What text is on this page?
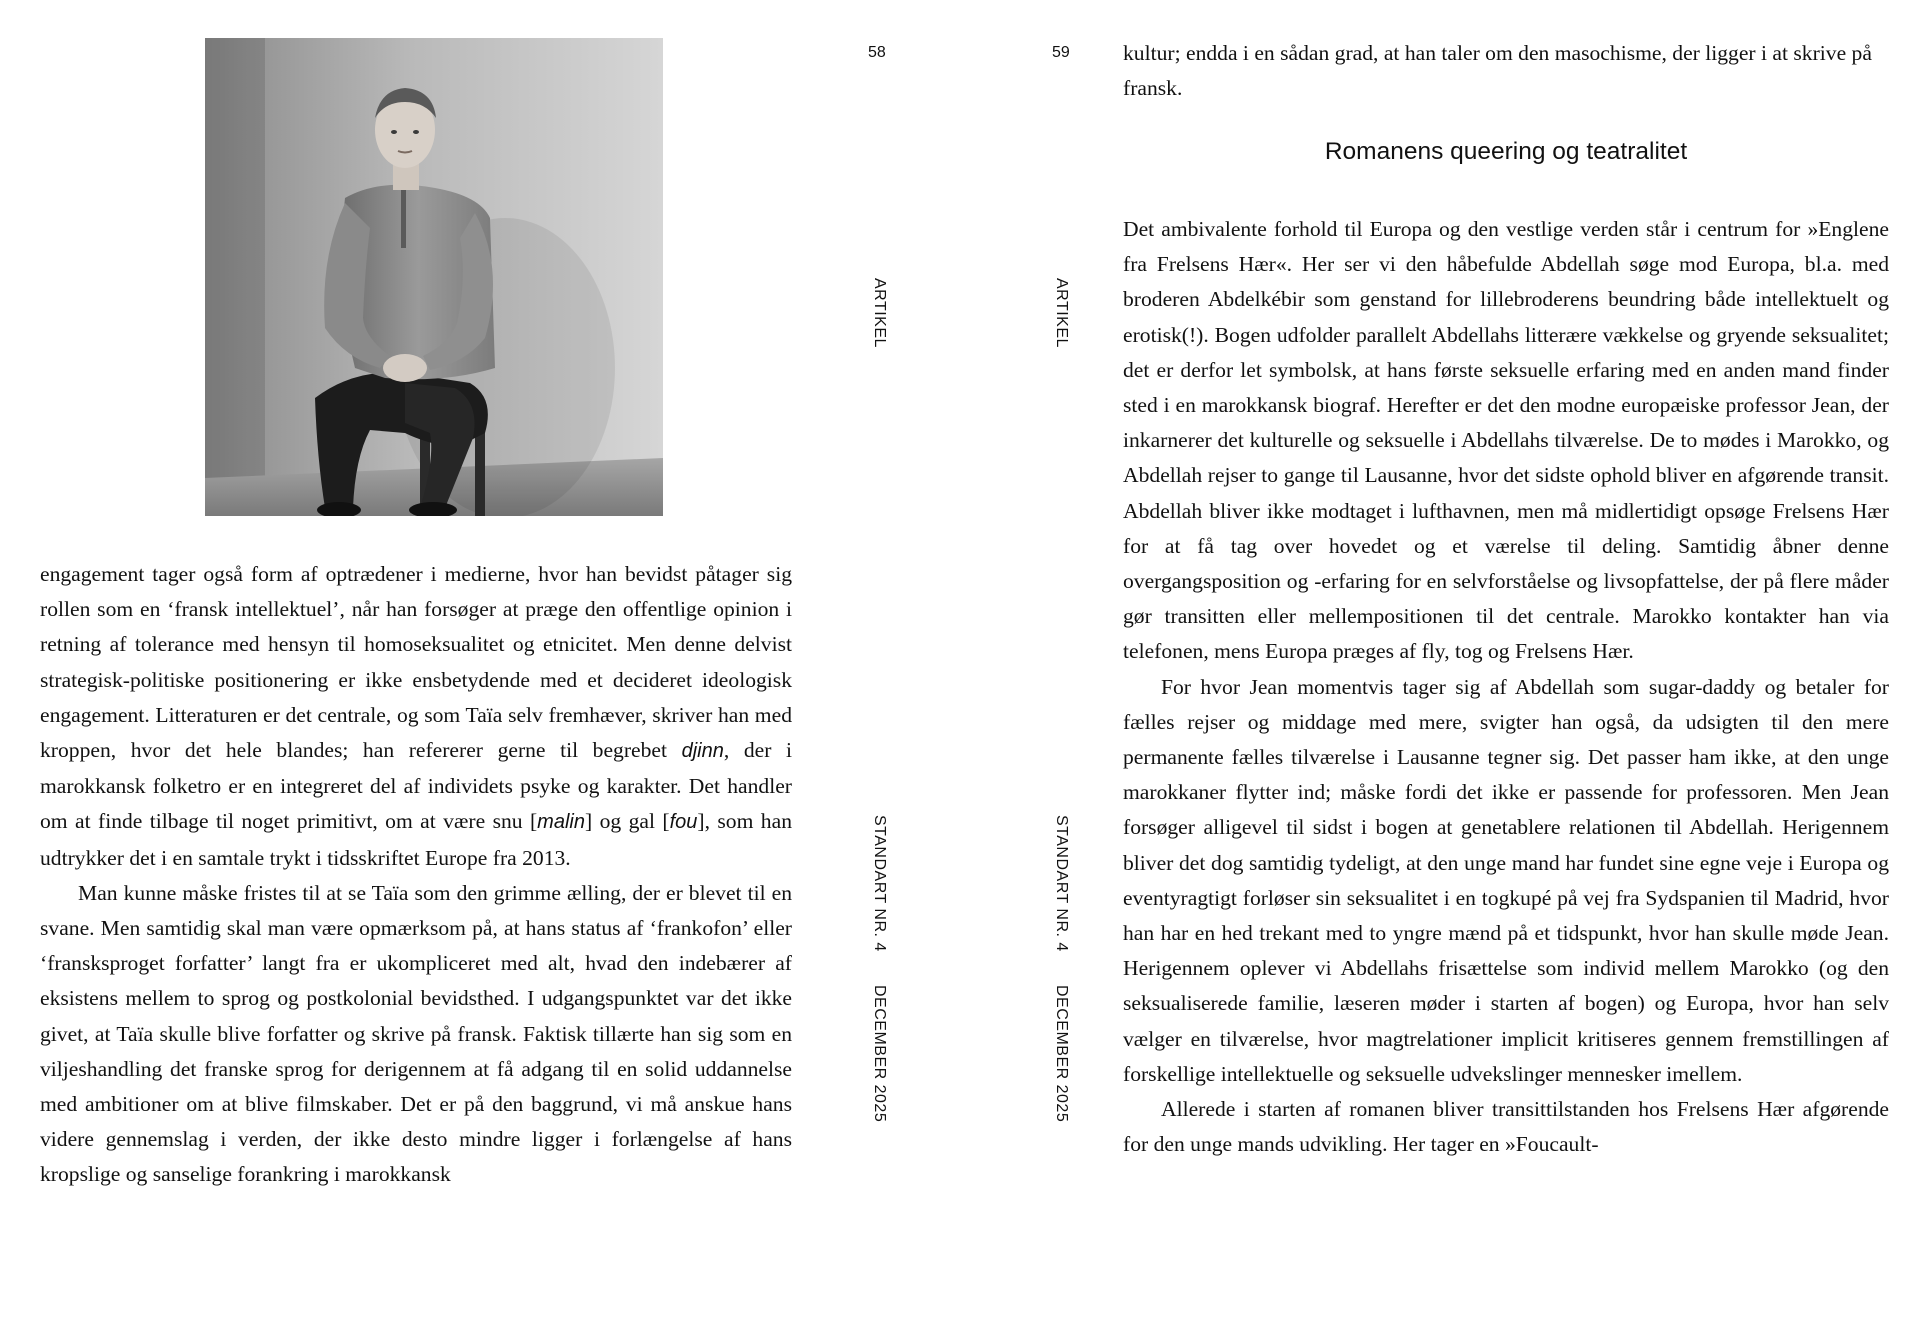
engagement tager også form af optrædener i medierne, hvor han bevidst påtager sig rollen som en ‘fransk intellektuel’, når han forsøger at præge den offentlige opinion i retning af tolerance med hensyn til homoseksualitet og etnicitet. Men denne delvist strategisk-politiske positionering er ikke ensbetydende med et decideret ideologisk engagement. Litteraturen er det centrale, og som Taïa selv fremhæver, skriver han med kroppen, hvor det hele blandes; han refererer gerne til begrebet djinn, der i marokkansk folketro er en integreret del af individets psyke og karakter. Det handler om at finde tilbage til noget primitivt, om at være snu [malin] og gal [fou], som han udtrykker det i en samtale trykt i tidsskriftet Europe fra 2013.

Man kunne måske fristes til at se Taïa som den grimme ælling, der er blevet til en svane. Men samtidig skal man være opmærksom på, at hans status af ‘frankofon’ eller ‘fransksproget forfatter’ langt fra er ukompliceret med alt, hvad den indebærer af eksistens mellem to sprog og postkolonial bevidsthed. I udgangspunktet var det ikke givet, at Taïa skulle blive forfatter og skrive på fransk. Faktisk tillærte han sig som en viljeshandling det franske sprog for derigennem at få adgang til en solid uddannelse med ambitioner om at blive filmskaber. Det er på den baggrund, vi må anskue hans videre gennemslag i verden, der ikke desto mindre ligger i forlængelse af hans kropslige og sanselige forankring i marokkansk

58
ARTIKEL
STANDART NR. 4
DECEMBER 2025
59
ARTIKEL
STANDART NR. 4
DECEMBER 2025

kultur; endda i en sådan grad, at han taler om den masochisme, der ligger i at skrive på fransk.

Romanens queering og teatralitet

Det ambivalente forhold til Europa og den vestlige verden står i centrum for »Englene fra Frelsens Hær«. Her ser vi den håbefulde Abdellah søge mod Europa, bl.a. med broderen Abdelkébir som genstand for lillebroderens beundring både intellektuelt og erotisk(!). Bogen udfolder parallelt Abdellahs litterære vækkelse og gryende seksualitet; det er derfor let symbolsk, at hans første seksuelle erfaring med en anden mand finder sted i en marokkansk biograf. Herefter er det den modne europæiske professor Jean, der inkarnerer det kulturelle og seksuelle i Abdellahs tilværelse. De to mødes i Marokko, og Abdellah rejser to gange til Lausanne, hvor det sidste ophold bliver en afgørende transit. Abdellah bliver ikke modtaget i lufthavnen, men må midlertidigt opsøge Frelsens Hær for at få tag over hovedet og et værelse til deling. Samtidig åbner denne overgangsposition og -erfaring for en selvforståelse og livsopfattelse, der på flere måder gør transitten eller mellempositionen til det centrale. Marokko kontakter han via telefonen, mens Europa præges af fly, tog og Frelsens Hær.

For hvor Jean momentvis tager sig af Abdellah som sugar-daddy og betaler for fælles rejser og middage med mere, svigter han også, da udsigten til den mere permanente fælles tilværelse i Lausanne tegner sig. Det passer ham ikke, at den unge marokkaner flytter ind; måske fordi det ikke er passende for professoren. Men Jean forsøger alligevel til sidst i bogen at genetablere relationen til Abdellah. Herigennem bliver det dog samtidig tydeligt, at den unge mand har fundet sine egne veje i Europa og eventyragtigt forløser sin seksualitet i en togkupé på vej fra Sydspanien til Madrid, hvor han har en hed trekant med to yngre mænd på et tidspunkt, hvor han skulle møde Jean. Herigennem oplever vi Abdellahs frisættelse som individ mellem Marokko (og den seksualiserede familie, læseren møder i starten af bogen) og Europa, hvor han selv vælger en tilværelse, hvor magtrelationer implicit kritiseres gennem fremstillingen af forskellige intellektuelle og seksuelle udvekslinger mennesker imellem.

Allerede i starten af romanen bliver transittilstanden hos Frelsens Hær afgørende for den unge mands udvikling. Her tager en »Foucault-
